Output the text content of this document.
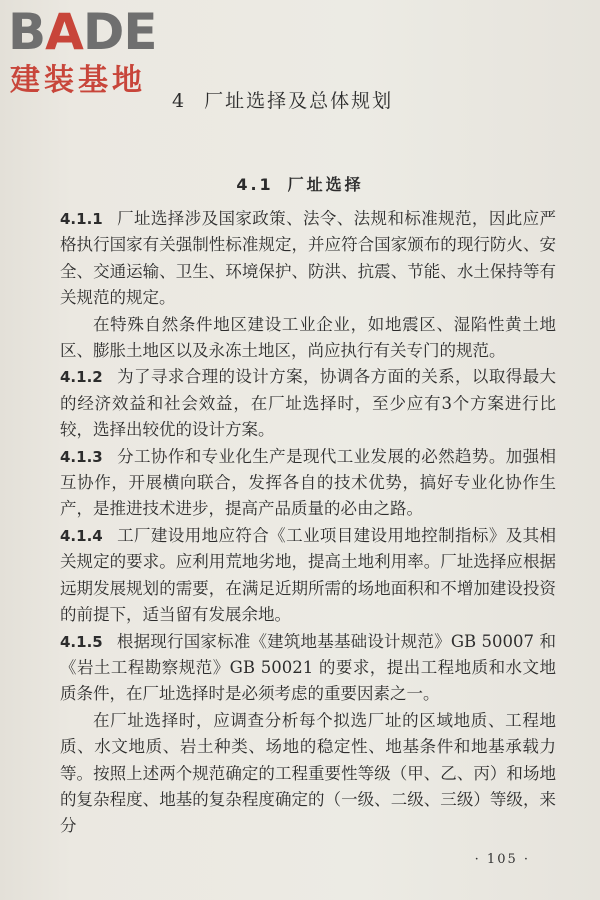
BADE
建装基地
4 厂址选择及总体规划
4.1 厂址选择

4.1.1 厂址选择涉及国家政策、法令、法规和标准规范，因此应严格执行国家有关强制性标准规定，并应符合国家颁布的现行防火、安全、交通运输、卫生、环境保护、防洪、抗震、节能、水土保持等有关规范的规定。

在特殊自然条件地区建设工业企业，如地震区、湿陷性黄土地区、膨胀土地区以及永冻土地区，尚应执行有关专门的规范。

4.1.2 为了寻求合理的设计方案，协调各方面的关系，以取得最大的经济效益和社会效益，在厂址选择时，至少应有3个方案进行比较，选择出较优的设计方案。

4.1.3 分工协作和专业化生产是现代工业发展的必然趋势。加强相互协作，开展横向联合，发挥各自的技术优势，搞好专业化协作生产，是推进技术进步，提高产品质量的必由之路。

4.1.4 工厂建设用地应符合《工业项目建设用地控制指标》及其相关规定的要求。应利用荒地劣地，提高土地利用率。厂址选择应根据远期发展规划的需要，在满足近期所需的场地面积和不增加建设投资的前提下，适当留有发展余地。

4.1.5 根据现行国家标准《建筑地基基础设计规范》GB 50007 和《岩土工程勘察规范》GB 50021 的要求，提出工程地质和水文地质条件，在厂址选择时是必须考虑的重要因素之一。

在厂址选择时，应调查分析每个拟选厂址的区域地质、工程地质、水文地质、岩土种类、场地的稳定性、地基条件和地基承载力等。按照上述两个规范确定的工程重要性等级（甲、乙、丙）和场地的复杂程度、地基的复杂程度确定的（一级、二级、三级）等级，来分

· 105 ·
